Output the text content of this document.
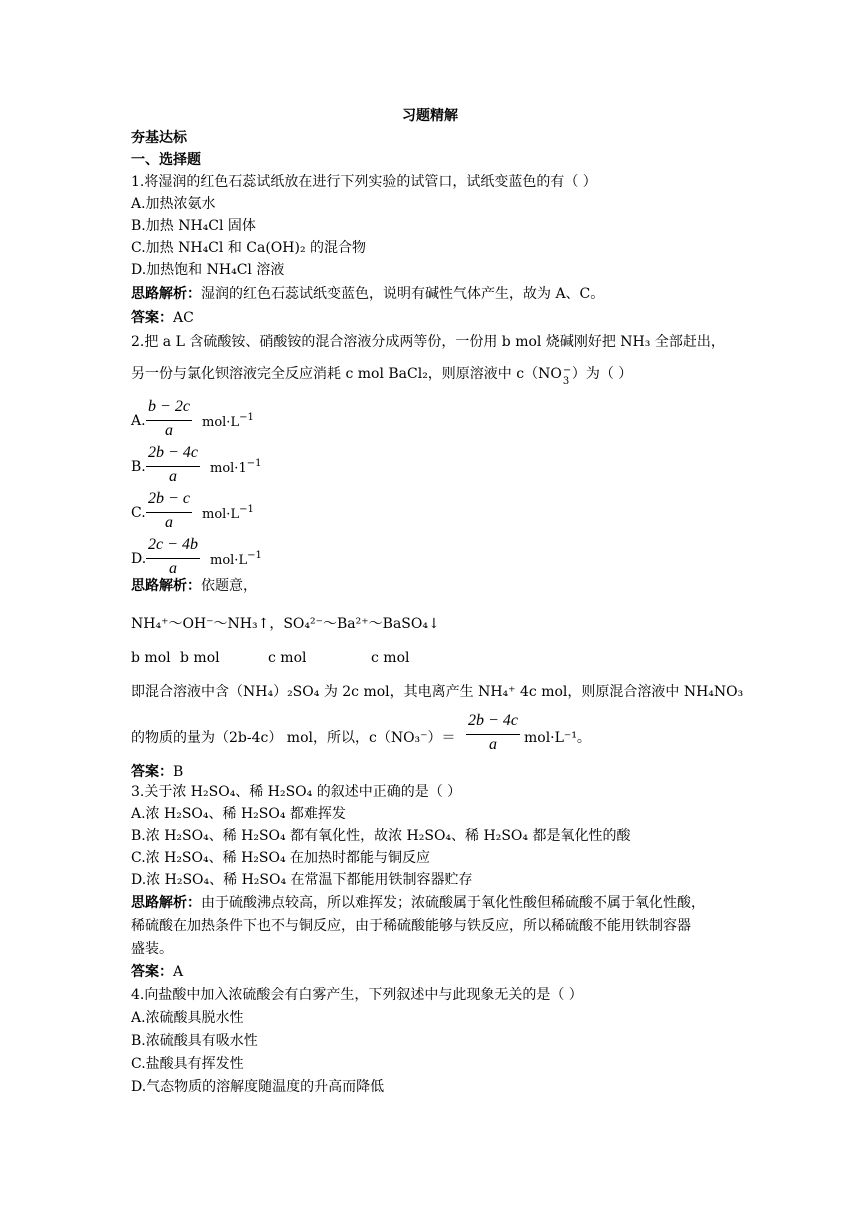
习题精解
夯基达标
一、选择题
1.将湿润的红色石蕊试纸放在进行下列实验的试管口，试纸变蓝色的有（ ）
A.加热浓氨水
B.加热 NH₄Cl 固体
C.加热 NH₄Cl 和 Ca(OH)₂ 的混合物
D.加热饱和 NH₄Cl 溶液
思路解析：湿润的红色石蕊试纸变蓝色，说明有碱性气体产生，故为 A、C。
答案：AC
2.把 a L 含硫酸铵、硝酸铵的混合溶液分成两等份，一份用 b mol 烧碱刚好把 NH₃ 全部赶出，
另一份与氯化钡溶液完全反应消耗 c mol BaCl₂，则原溶液中 c（NO −
3 ）为（ ）
A.
b − 2c
a	$mol\cdot L^{-1}$
B.
2b − 4c
a	$mol\cdot 1^{-1}$
C.
2b − c
a	$mol\cdot L^{-1}$
D.
2c − 4b
a	$mol\cdot L^{-1}$
思路解析：依题意，
NH₄⁺～OH⁻～NH₃↑，SO₄²⁻～Ba²⁺～BaSO₄↓
b mol b mol	c mol	c mol
即混合溶液中含（NH₄）₂SO₄ 为 2c mol，其电离产生 NH₄⁺ 4c mol，则原混合溶液中 NH₄NO₃
的物质的量为（2b-4c） mol，所以，c（NO₃⁻）＝
2b − 4c
a	mol·L⁻¹。
答案：B
3.关于浓 H₂SO₄、稀 H₂SO₄ 的叙述中正确的是（ ）
A.浓 H₂SO₄、稀 H₂SO₄ 都难挥发
B.浓 H₂SO₄、稀 H₂SO₄ 都有氧化性，故浓 H₂SO₄、稀 H₂SO₄ 都是氧化性的酸
C.浓 H₂SO₄、稀 H₂SO₄ 在加热时都能与铜反应
D.浓 H₂SO₄、稀 H₂SO₄ 在常温下都能用铁制容器贮存
思路解析：由于硫酸沸点较高，所以难挥发；浓硫酸属于氧化性酸但稀硫酸不属于氧化性酸，
稀硫酸在加热条件下也不与铜反应，由于稀硫酸能够与铁反应，所以稀硫酸不能用铁制容器
盛装。
答案：A
4.向盐酸中加入浓硫酸会有白雾产生，下列叙述中与此现象无关的是（ ）
A.浓硫酸具脱水性
B.浓硫酸具有吸水性
C.盐酸具有挥发性
D.气态物质的溶解度随温度的升高而降低
